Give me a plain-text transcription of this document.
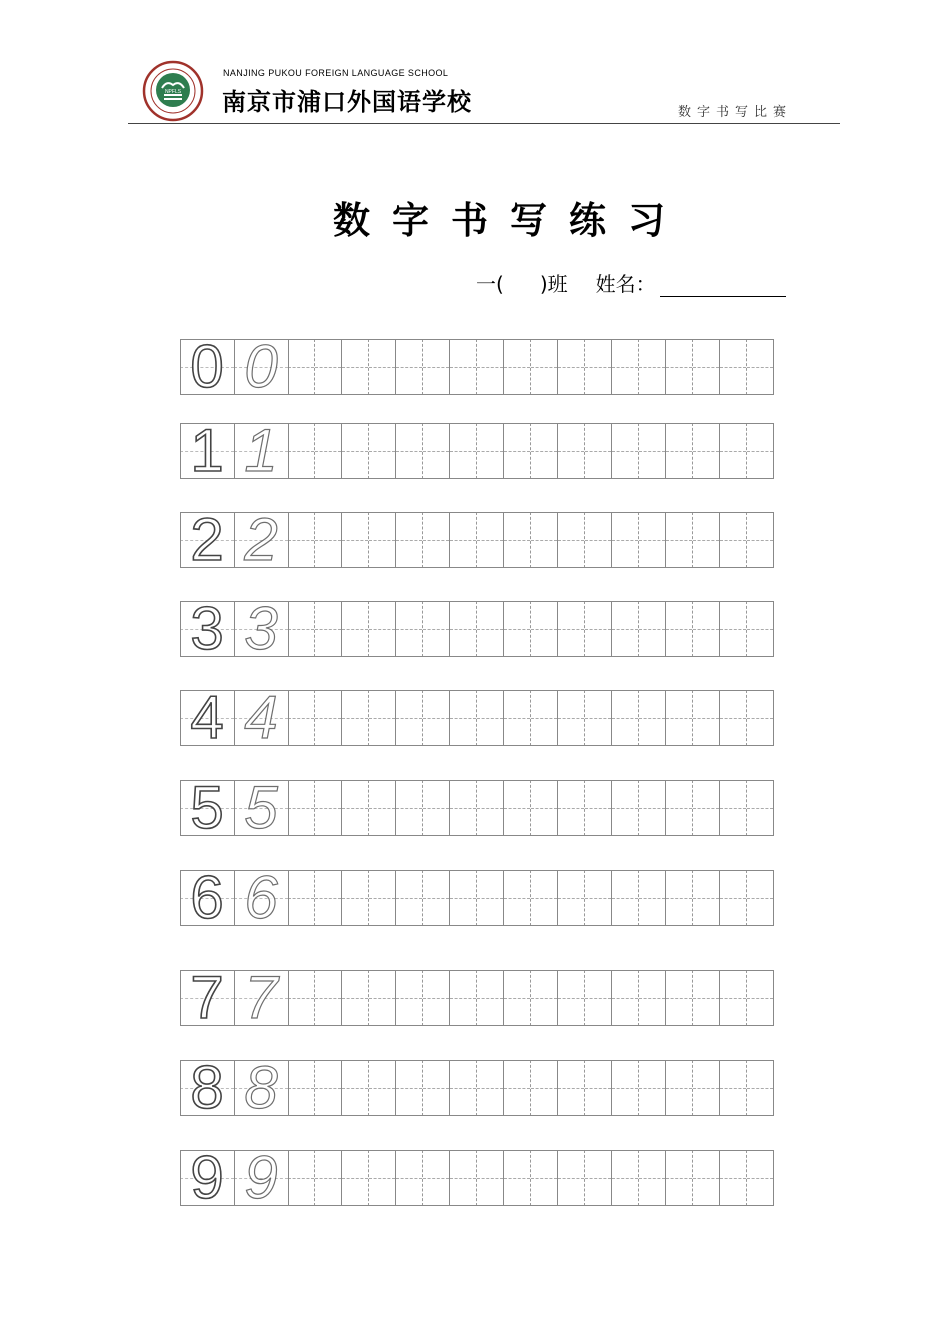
NPFLS
NANJING PUKOU FOREIGN LANGUAGE SCHOOL
南京市浦口外国语学校	数字书写比赛
数字书写练习
一( )班 姓名：
0 0
1 1
2 2
3 3
4 4
5 5
6 6
7 7
8 8
9 9
